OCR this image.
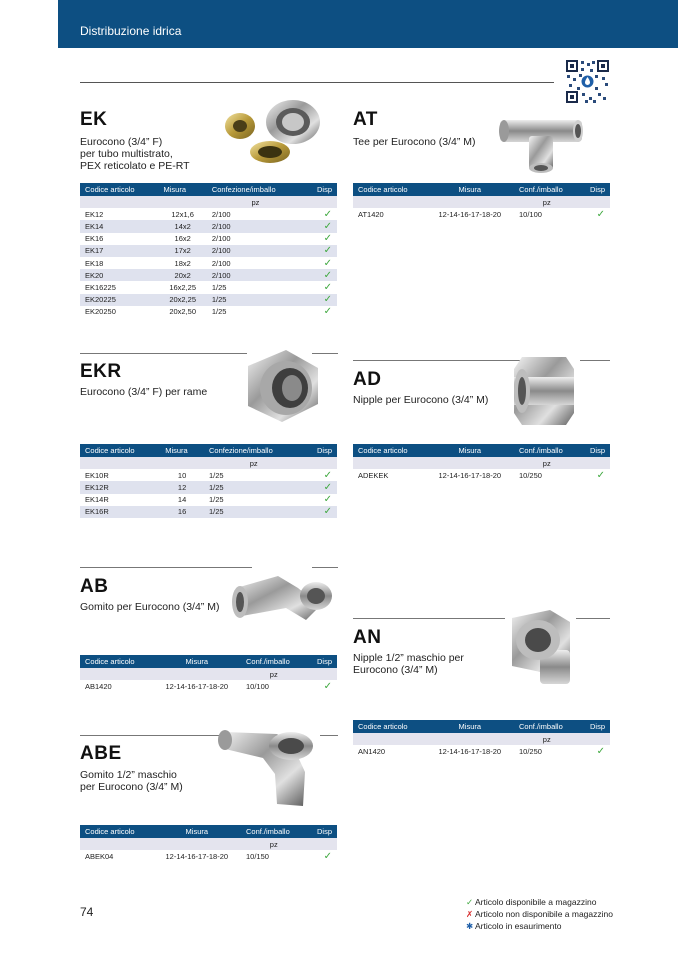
Distribuzione idrica
EK
Eurocono (3/4” F)
per tubo multistrato,
PEX reticolato e PE-RT
Codice articolo	Misura	Confezione/imballo	Disp
		pz	
EK12	12x1,6	2/100	✓
EK14	14x2	2/100	✓
EK16	16x2	2/100	✓
EK17	17x2	2/100	✓
EK18	18x2	2/100	✓
EK20	20x2	2/100	✓
EK16225	16x2,25	1/25	✓
EK20225	20x2,25	1/25	✓
EK20250	20x2,50	1/25	✓
AT
Tee per Eurocono (3/4” M)
Codice articolo	Misura	Conf./imballo	Disp
		pz	
AT1420	12-14-16-17-18-20	10/100	✓
EKR
Eurocono (3/4” F) per rame
Codice articolo	Misura	Confezione/imballo	Disp
		pz	
EK10R	10	1/25	✓
EK12R	12	1/25	✓
EK14R	14	1/25	✓
EK16R	16	1/25	✓
AD
Nipple per Eurocono (3/4” M)
Codice articolo	Misura	Conf./imballo	Disp
		pz	
ADEKEK	12-14-16-17-18-20	10/250	✓
AB
Gomito per Eurocono (3/4” M)
Codice articolo	Misura	Conf./imballo	Disp
		pz	
AB1420	12-14-16-17-18-20	10/100	✓
AN
Nipple 1/2” maschio per
Eurocono (3/4” M)
Codice articolo	Misura	Conf./imballo	Disp
		pz	
AN1420	12-14-16-17-18-20	10/250	✓
ABE
Gomito 1/2” maschio
per Eurocono (3/4” M)
Codice articolo	Misura	Conf./imballo	Disp
		pz	
ABEK04	12-14-16-17-18-20	10/150	✓
74
✓ Articolo disponibile a magazzino
✗ Articolo non disponibile a magazzino
✱ Articolo in esaurimento
